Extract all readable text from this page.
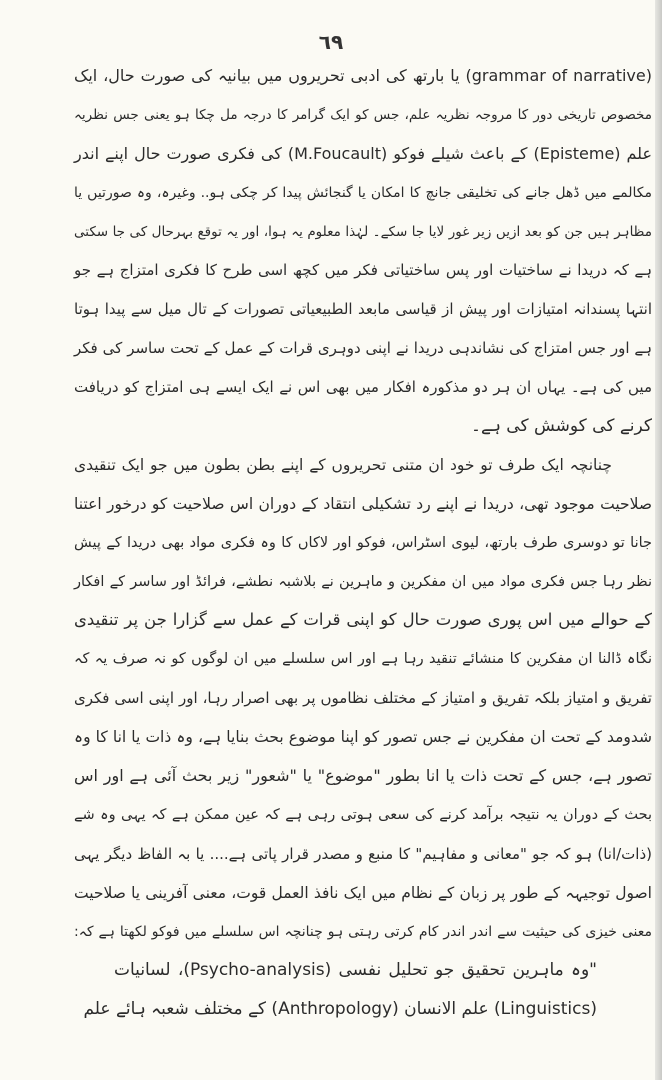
٦٩
(grammar of narrative) یا بارتھ کی ادبی تحریروں میں بیانیہ کی صورت حال، ایک
مخصوص تاریخی دور کا مروجہ نظریہ علم، جس کو ایک گرامر کا درجہ مل چکا ہو یعنی جس نظریہ
علم (Episteme) کے باعث شیلے فوکو (M.Foucault) کی فکری صورت حال اپنے اندر
مکالمے میں ڈھل جانے کی تخلیقی جانچ کا امکان یا گنجائش پیدا کر چکی ہو.. وغیرہ، وہ صورتیں یا
مظاہر ہیں جن کو بعد ازیں زیر غور لایا جا سکے۔ لہٰذا معلوم یہ ہوا، اور یہ توقع بہرحال کی جا سکتی
ہے کہ دریدا نے ساختیات اور پس ساختیاتی فکر میں کچھ اسی طرح کا فکری امتزاج ہے جو
انتہا پسندانہ امتیازات اور پیش از قیاسی مابعد الطبیعیاتی تصورات کے تال میل سے پیدا ہوتا
ہے اور جس امتزاج کی نشاندہی دریدا نے اپنی دوہری قرات کے عمل کے تحت ساسر کی فکر
میں کی ہے۔ یہاں ان ہر دو مذکورہ افکار میں بھی اس نے ایک ایسے ہی امتزاج کو دریافت
کرنے کی کوشش کی ہے۔
چنانچہ ایک طرف تو خود ان متنی تحریروں کے اپنے بطن بطون میں جو ایک تنقیدی
صلاحیت موجود تھی، دریدا نے اپنے رد تشکیلی انتقاد کے دوران اس صلاحیت کو درخور اعتنا
جانا تو دوسری طرف بارتھ، لیوی اسٹراس، فوکو اور لاکاں کا وہ فکری مواد بھی دریدا کے پیش
نظر رہا جس فکری مواد میں ان مفکرین و ماہرین نے بلاشبہ نطشے، فرائڈ اور ساسر کے افکار
کے حوالے میں اس پوری صورت حال کو اپنی قرات کے عمل سے گزارا جن پر تنقیدی
نگاہ ڈالنا ان مفکرین کا منشائے تنقید رہا ہے اور اس سلسلے میں ان لوگوں کو نہ صرف یہ کہ
تفریق و امتیاز بلکہ تفریق و امتیاز کے مختلف نظاموں پر بھی اصرار رہا، اور اپنی اسی فکری
شدومد کے تحت ان مفکرین نے جس تصور کو اپنا موضوع بحث بنایا ہے، وہ ذات یا انا کا وہ
تصور ہے، جس کے تحت ذات یا انا بطور "موضوع" یا "شعور" زیر بحث آئی ہے اور اس
بحث کے دوران یہ نتیجہ برآمد کرنے کی سعی ہوتی رہی ہے کہ عین ممکن ہے کہ یہی وہ شے
(ذات/انا) ہو کہ جو "معانی و مفاہیم" کا منبع و مصدر قرار پاتی ہے.... یا بہ الفاظ دیگر یہی
اصول توجیہہ کے طور پر زبان کے نظام میں ایک نافذ العمل قوت، معنی آفرینی یا صلاحیت
معنی خیزی کی حیثیت سے اندر اندر کام کرتی رہتی ہو چنانچہ اس سلسلے میں فوکو لکھتا ہے کہ:
"وہ ماہرین تحقیق جو تحلیل نفسی (Psycho-analysis)، لسانیات
(Linguistics) علم الانسان (Anthropology) کے مختلف شعبہ ہائے علم
